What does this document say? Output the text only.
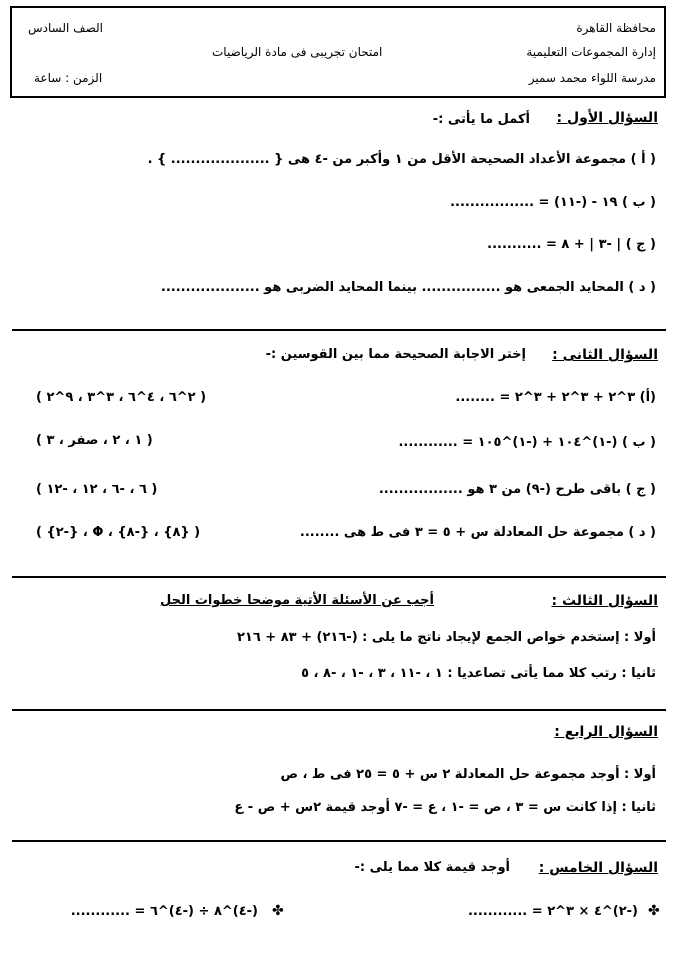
محافظة القاهرة
إدارة المجموعات التعليمية
مدرسة اللواء محمد سمير
الصف السادس
امتحان تجريبى فى مادة الرياضيات
الزمن : ساعة
السؤال الأول :
أكمل ما يأتى :-
( أ ) مجموعة الأعداد الصحيحة الأقل من ١ وأكبر من -٤ هى { .................... } .
( ب ) ١٩ - (-١١) = .................
( ج ) | -٣ | + ٨ = ...........
( د ) المحايد الجمعى هو ................ بينما المحايد الضربى هو ....................
السؤال الثانى :
إختر الاجابة الصحيحة مما بين القوسين :-
(أ) ٣^٢ + ٣^٢ + ٣^٢ = ........
( ٢^٦ ، ٤^٦ ، ٣^٣ ، ٩^٢ )
( ب ) (-١)^١٠٤ + (-١)^١٠٥ = ............
( ١ ، ٢ ، صفر ، ٣ )
( ج ) باقى طرح (-٩) من ٣ هو .................
( ٦ ، -٦ ، ١٢ ، -١٢ )
( د ) مجموعة حل المعادلة س + ٥ = ٣ فى ط هى ........
( {٨} ، {-٨} ، Φ ، {-٢} )
السؤال الثالث :
أجب عن الأسئلة الأتية موضحا خطوات الحل
أولا : إستخدم خواص الجمع لإيجاد ناتج ما يلى : (-٢١٦) + ٨٣ + ٢١٦
ثانيا : رتب كلا مما يأتى تصاعديا : ١ ، -١١ ، ٣ ، -١ ، -٨ ، ٥
السؤال الرابع :
أولا : أوجد مجموعة حل المعادلة ٢ س + ٥ = ٢٥ فى ط ، ص
ثانيا : إذا كانت س = ٣ ، ص = -١ ، ع = -٧ أوجد قيمة ٢س + ص - ع
السؤال الخامس :
أوجد قيمة كلا مما يلى :-
✤
(-٢)^٤ × ٣^٢ = ............
✤
(-٤)^٨ ÷ (-٤)^٦ = ............
